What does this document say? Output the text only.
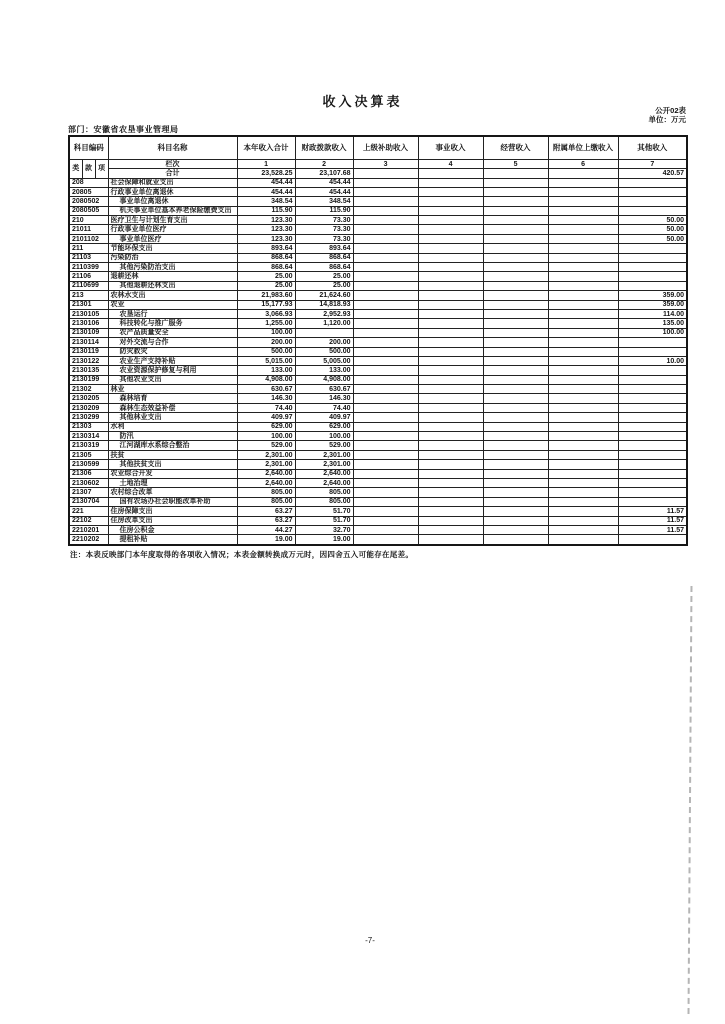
收入决算表
公开02表
单位：万元
部门：安徽省农垦事业管理局
科目编码			科目名称	本年收入合计	财政拨款收入	上级补助收入	事业收入	经营收入	附属单位上缴收入	其他收入
类	款	项	栏次	1	2	3	4	5	6	7
			合计	23,528.25	23,107.68					420.57
208			社会保障和就业支出	454.44	454.44					
20805			行政事业单位离退休	454.44	454.44					
2080502			事业单位离退休	348.54	348.54					
2080505			机关事业单位基本养老保险缴费支出	115.90	115.90					
210			医疗卫生与计划生育支出	123.30	73.30					50.00
21011			行政事业单位医疗	123.30	73.30					50.00
2101102			事业单位医疗	123.30	73.30					50.00
211			节能环保支出	893.64	893.64					
21103			污染防治	868.64	868.64					
2110399			其他污染防治支出	868.64	868.64					
21106			退耕还林	25.00	25.00					
2110699			其他退耕还林支出	25.00	25.00					
213			农林水支出	21,983.60	21,624.60					359.00
21301			农业	15,177.93	14,818.93					359.00
2130105			农垦运行	3,066.93	2,952.93					114.00
2130106			科技转化与推广服务	1,255.00	1,120.00					135.00
2130109			农产品质量安全	100.00						100.00
2130114			对外交流与合作	200.00	200.00					
2130119			防灾救灾	500.00	500.00					
2130122			农业生产支持补贴	5,015.00	5,005.00					10.00
2130135			农业资源保护修复与利用	133.00	133.00					
2130199			其他农业支出	4,908.00	4,908.00					
21302			林业	630.67	630.67					
2130205			森林培育	146.30	146.30					
2130209			森林生态效益补偿	74.40	74.40					
2130299			其他林业支出	409.97	409.97					
21303			水利	629.00	629.00					
2130314			防汛	100.00	100.00					
2130319			江河湖库水系综合整治	529.00	529.00					
21305			扶贫	2,301.00	2,301.00					
2130599			其他扶贫支出	2,301.00	2,301.00					
21306			农业综合开发	2,640.00	2,640.00					
2130602			土地治理	2,640.00	2,640.00					
21307			农村综合改革	805.00	805.00					
2130704			国有农场办社会职能改革补助	805.00	805.00					
221			住房保障支出	63.27	51.70					11.57
22102			住房改革支出	63.27	51.70					11.57
2210201			住房公积金	44.27	32.70					11.57
2210202			提租补贴	19.00	19.00					
注：本表反映部门本年度取得的各项收入情况；本表金额转换成万元时，因四舍五入可能存在尾差。
-7-
